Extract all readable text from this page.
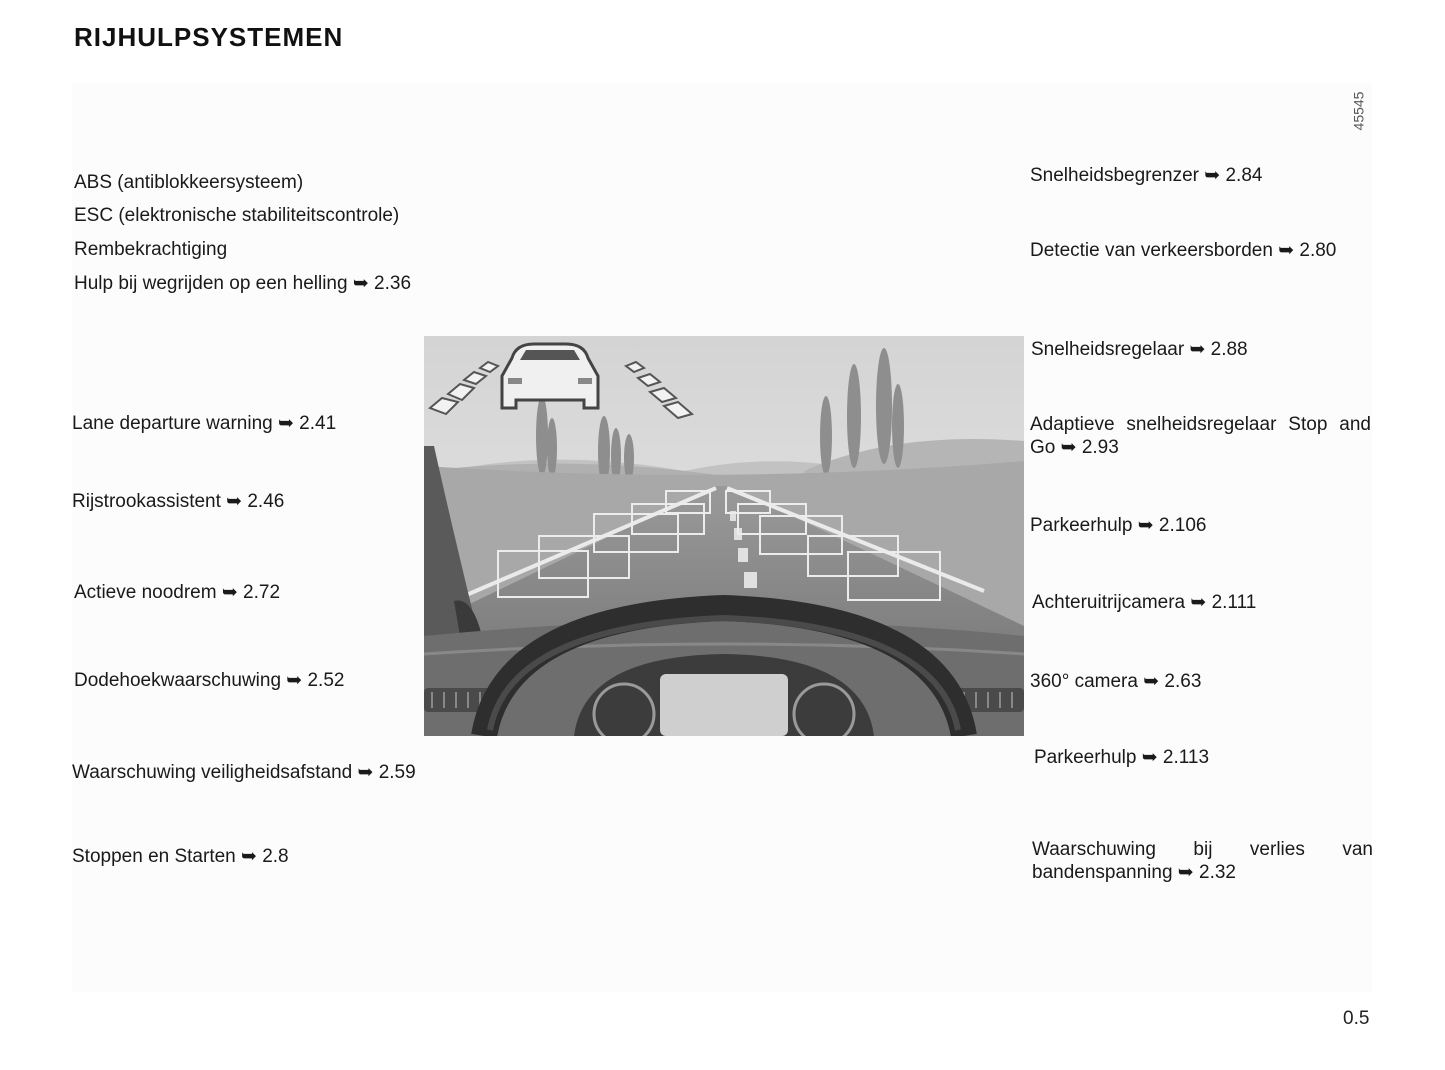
RIJHULPSYSTEMEN
45545
ABS (antiblokkeersysteem)
ESC (elektronische stabiliteitscontrole)
Rembekrachtiging
Hulp bij wegrijden op een helling ➥ 2.36
Lane departure warning ➥ 2.41
Rijstrookassistent ➥ 2.46
Actieve noodrem ➥ 2.72
Dodehoekwaarschuwing ➥ 2.52
Waarschuwing veiligheidsafstand ➥ 2.59
Stoppen en Starten ➥ 2.8
Snelheidsbegrenzer ➥ 2.84
Detectie van verkeersborden ➥ 2.80
Snelheidsregelaar ➥ 2.88
Adaptieve snelheidsregelaar Stop and Go ➥ 2.93
Parkeerhulp ➥ 2.106
Achteruitrijcamera ➥ 2.111
360° camera ➥ 2.63
Parkeerhulp ➥ 2.113
Waarschuwing bij verlies van bandenspanning ➥ 2.32
0.5
